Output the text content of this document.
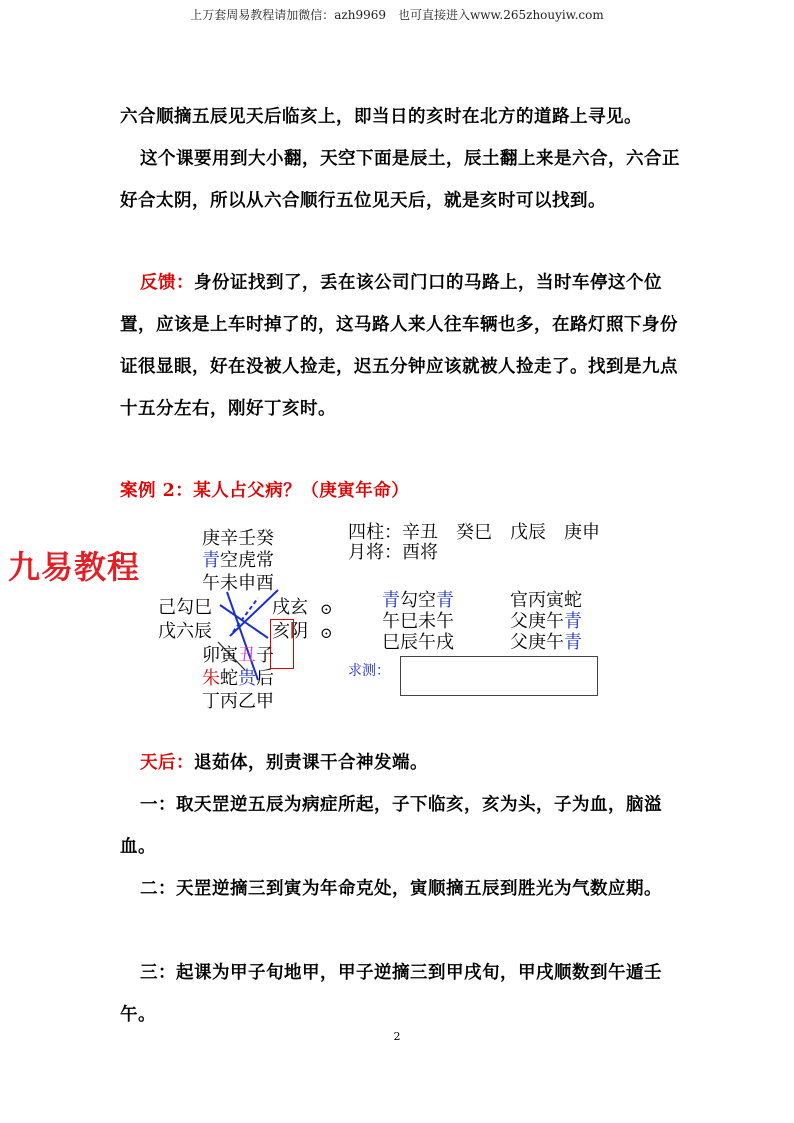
上万套周易教程请加微信：azh9969　也可直接进入www.265zhouyiw.com
六合顺摘五辰见天后临亥上，即当日的亥时在北方的道路上寻见。
这个课要用到大小翻，天空下面是辰土，辰土翻上来是六合，六合正好合太阴，所以从六合顺行五位见天后，就是亥时可以找到。
反馈：身份证找到了，丢在该公司门口的马路上，当时车停这个位置，应该是上车时掉了的，这马路人来人往车辆也多，在路灯照下身份证很显眼，好在没被人捡走，迟五分钟应该就被人捡走了。找到是九点十五分左右，刚好丁亥时。
案例 2：某人占父病？（庚寅年命）
九易教程
庚辛壬癸
青空虎常
午未申酉
己勾巳
戊六辰
戌玄 ⊙
亥阴 ⊙
卯寅丑子
朱蛇贵后
丁丙乙甲
四柱：辛丑　癸巳　戊辰　庚申
月将：酉将
青勾空青
午巳未午
巳辰午戌
官丙寅蛇
父庚午青
父庚午青
求测：
天后：退茹体，别责课干合神发端。
一：取天罡逆五辰为病症所起，子下临亥，亥为头，子为血，脑溢血。
二：天罡逆摘三到寅为年命克处，寅顺摘五辰到胜光为气数应期。
三：起课为甲子旬地甲，甲子逆摘三到甲戌旬，甲戌顺数到午遁壬午。
2
